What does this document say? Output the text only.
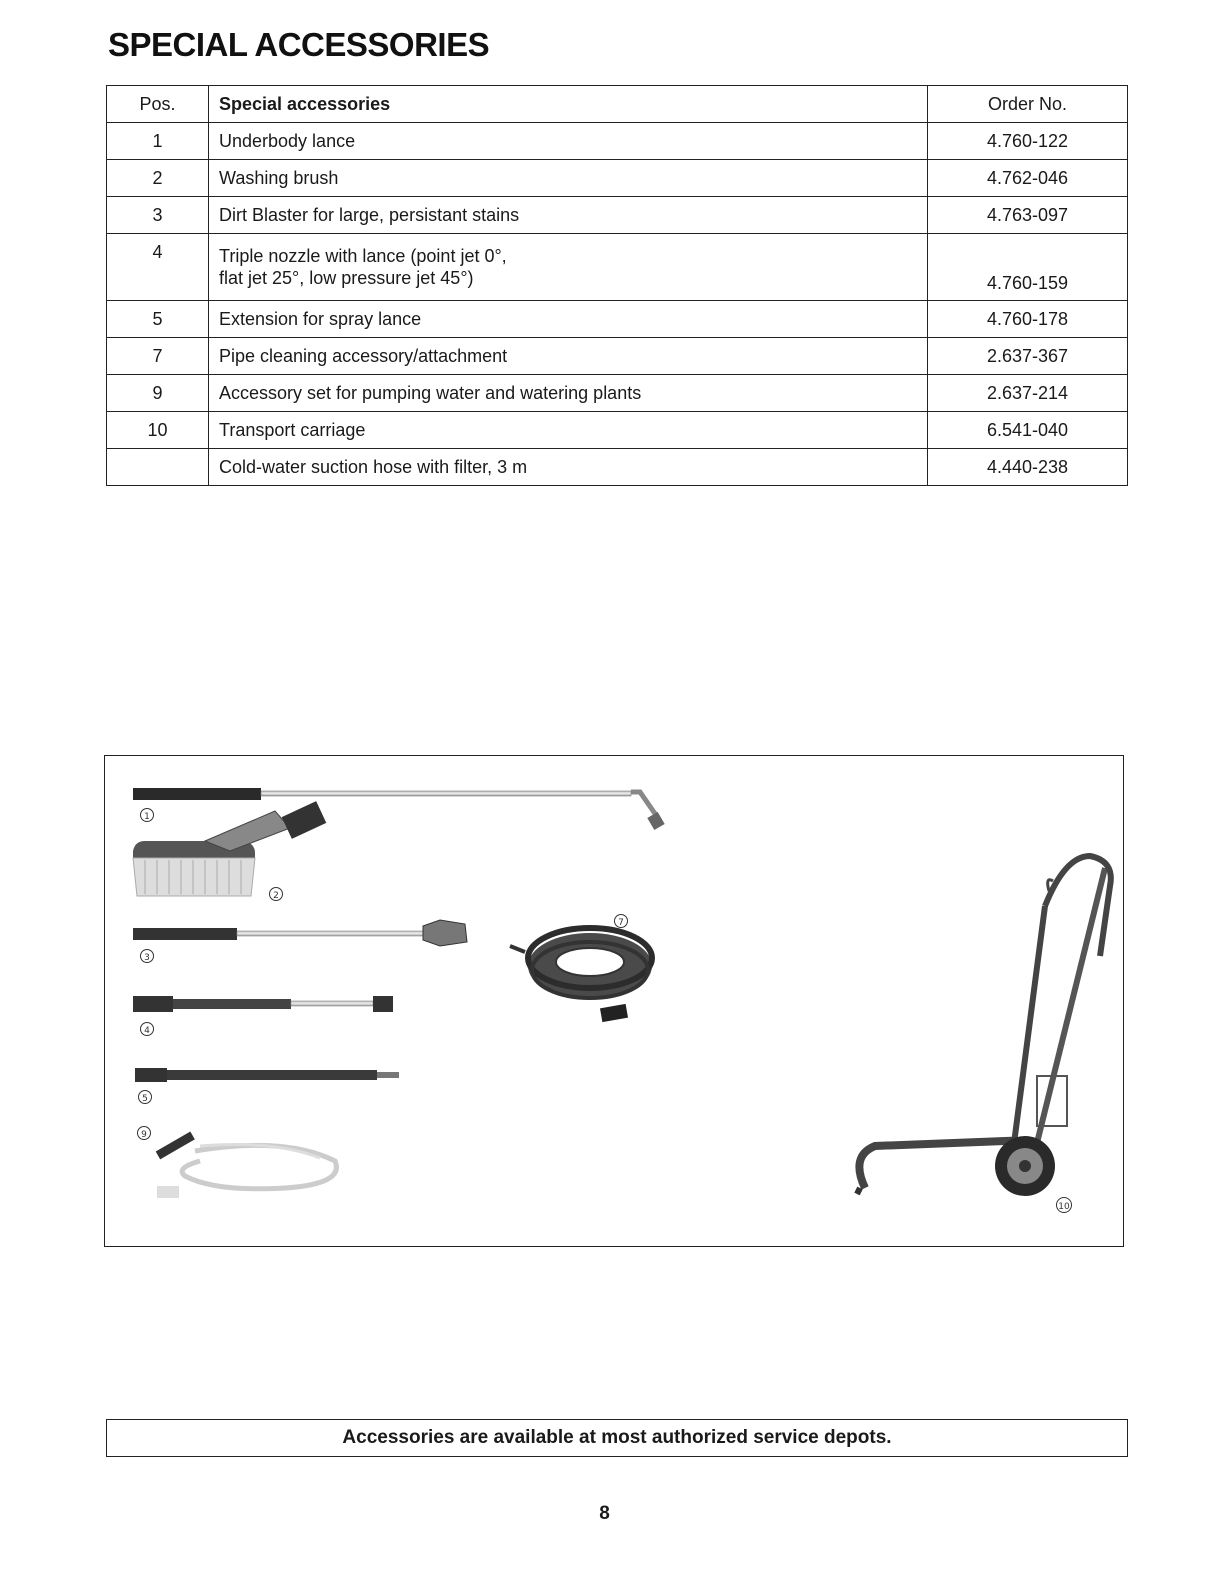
SPECIAL ACCESSORIES
Pos.	Special accessories	Order No.
1	Underbody lance	4.760-122
2	Washing brush	4.762-046
3	Dirt Blaster for large, persistant stains	4.763-097
4	Triple nozzle with lance (point jet 0°,
flat jet 25°, low pressure jet 45°)	4.760-159
5	Extension for spray lance	4.760-178
7	Pipe cleaning accessory/attachment	2.637-367
9	Accessory set for pumping water and watering plants	2.637-214
10	Transport carriage	6.541-040

	Cold-water suction hose with filter, 3 m	4.440-238
1
2
3
4
5
9
7
10
Accessories are available at most authorized service depots.
8
